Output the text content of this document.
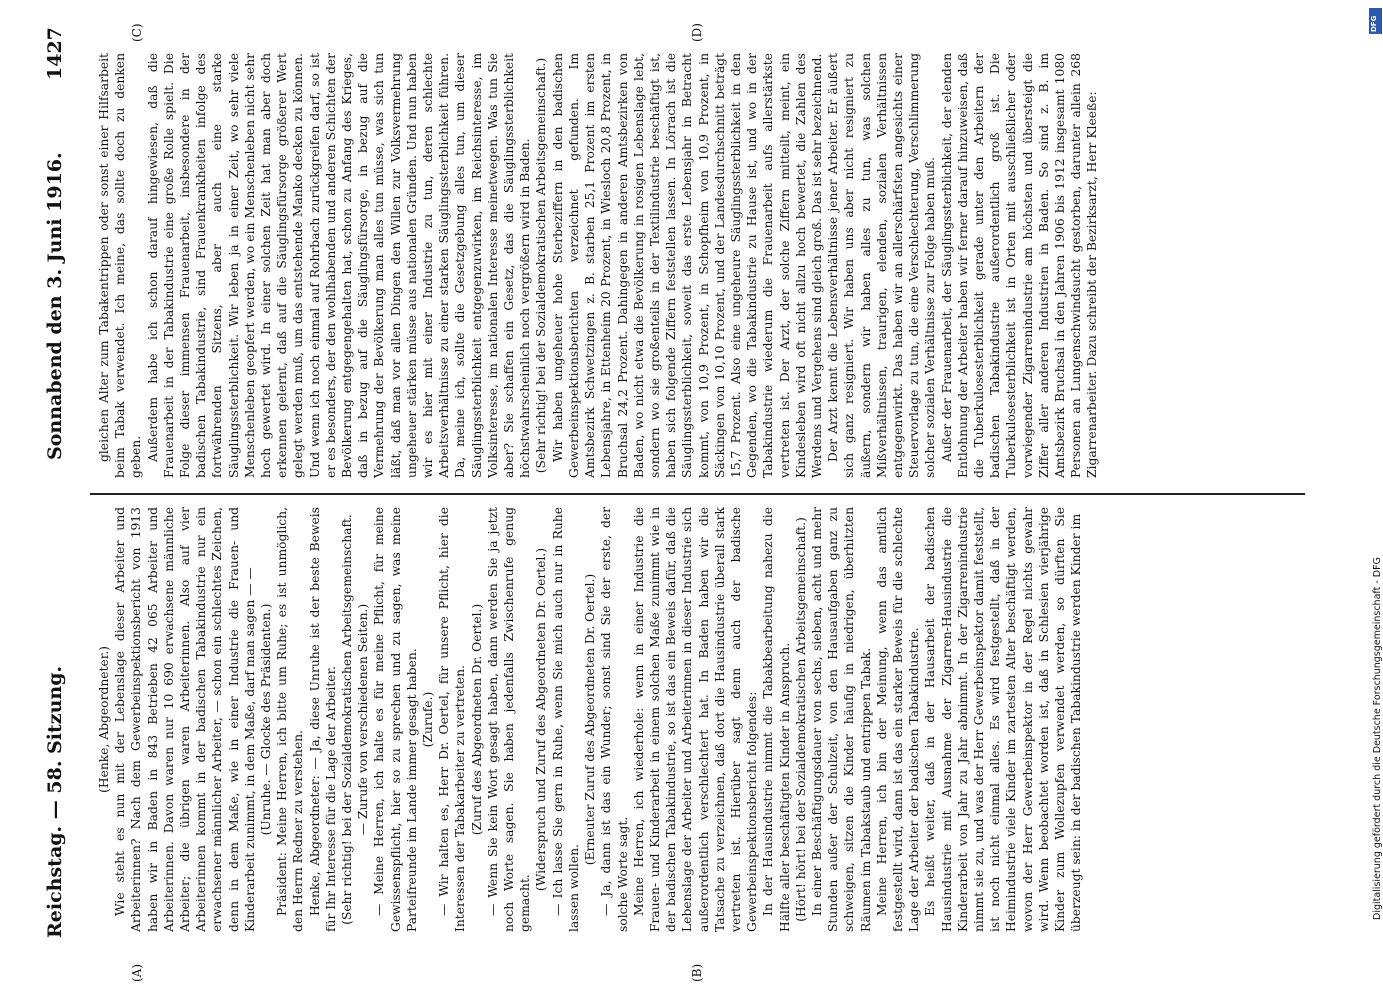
Reichstag. — 58. Sitzung.
Sonnabend den 3. Juni 1916.
1427
(A)	(B)
(C)	(D)

(Henke, Abgeordneter.) Wie steht es nun mit der Lebenslage dieser Arbeiter und Arbeiterinnen? Nach dem Gewerbeinspektionsbericht von 1913 haben wir in Baden in 843 Betrieben 42 065 Arbeiter und Arbeiterinnen. Davon waren nur 10 690 erwachsene männliche Arbeiter; die übrigen waren Arbeiterinnen. Also auf vier Arbeiterinnen kommt in der badischen Tabakindustrie nur ein erwachsener männlicher Arbeiter, — schon ein schlechtes Zeichen, denn in dem Maße, wie in einer Industrie die Frauen- und Kinderarbeit zunimmt, in dem Maße, darf man sagen — — (Unruhe. — Glocke des Präsidenten.) Präsident: Meine Herren, ich bitte um Ruhe; es ist unmöglich, den Herrn Redner zu verstehen. Henke, Abgeordneter: — Ja, diese Unruhe ist der beste Beweis für Ihr Interesse für die Lage der Arbeiter. (Sehr richtig! bei der Sozialdemokratischen Arbeitsgemeinschaft. — Zurufe von verschiedenen Seiten.) — Meine Herren, ich halte es für meine Pflicht, für meine Gewissenspflicht, hier so zu sprechen und zu sagen, was meine Parteifreunde im Lande immer gesagt haben. (Zurufe.) — Wir halten es, Herr Dr. Oertel, für unsere Pflicht, hier die Interessen der Tabakarbeiter zu vertreten. (Zuruf des Abgeordneten Dr. Oertel.) — Wenn Sie kein Wort gesagt haben, dann werden Sie ja jetzt noch Worte sagen. Sie haben jedenfalls Zwischenrufe genug gemacht.

(Widerspruch und Zuruf des Abgeordneten Dr. Oertel.) — Ich lasse Sie gern in Ruhe, wenn Sie mich auch nur in Ruhe lassen wollen.

(Erneuter Zuruf des Abgeordneten Dr. Oertel.) — Ja, dann ist das ein Wunder; sonst sind Sie der erste, der solche Worte sagt. Meine Herren, ich wiederhole: wenn in einer Industrie die Frauen- und Kinderarbeit in einem solchen Maße zunimmt wie in der badischen Tabakindustrie, so ist das ein Beweis dafür, daß die Lebenslage der Arbeiter und Arbeiterinnen in dieser Industrie sich außerordentlich verschlechtert hat. In Baden haben wir die Tatsache zu verzeichnen, daß dort die Hausindustrie überall stark vertreten ist. Hierüber sagt denn auch der badische Gewerbeinspektionsbericht folgendes: In der Hausindustrie nimmt die Tabakbearbeitung nahezu die Hälfte aller beschäftigten Kinder in Anspruch. (Hört! hört! bei der Sozialdemokratischen Arbeitsgemeinschaft.) In einer Beschäftigungsdauer von sechs, sieben, acht und mehr Stunden außer der Schulzeit, von den Hausaufgaben ganz zu schweigen, sitzen die Kinder häufig in niedrigen, überhitzten Räumen im Tabakstaub und entrippen Tabak. Meine Herren, ich bin der Meinung, wenn das amtlich festgestellt wird, dann ist das ein starker Beweis für die schlechte Lage der Arbeiter der badischen Tabakindustrie. Es heißt weiter, daß in der Hausarbeit der badischen Hausindustrie mit Ausnahme der Zigarren-Hausindustrie die Kinderarbeit von Jahr zu Jahr abnimmt. In der Zigarrenindustrie nimmt sie zu, und was der Herr Gewerbeinspektor damit feststellt, ist noch nicht einmal alles. Es wird festgestellt, daß in der Heimindustrie viele Kinder im zartesten Alter beschäftigt werden, wovon der Herr Gewerbeinspektor in der Regel nichts gewahr wird. Wenn beobachtet worden ist, daß in Schlesien vierjährige Kinder zum Wollezupfen verwendet werden, so dürften Sie überzeugt sein: in der badischen Tabakindustrie werden Kinder im

gleichen Alter zum Tabakentrippen oder sonst einer Hilfsarbeit beim Tabak verwendet. Ich meine, das sollte doch zu denken geben. Außerdem habe ich schon darauf hingewiesen, daß die Frauenarbeit in der Tabakindustrie eine große Rolle spielt. Die Folge dieser immensen Frauenarbeit, insbesondere in der badischen Tabakindustrie, sind Frauenkrankheiten infolge des fortwährenden Sitzens, aber auch eine starke Säuglingssterblichkeit. Wir leben ja in einer Zeit, wo sehr viele Menschenleben geopfert werden, wo ein Menschenleben nicht sehr hoch gewertet wird. In einer solchen Zeit hat man aber doch erkennen gelernt, daß auf die Säuglingsfürsorge größerer Wert gelegt werden muß, um das entstehende Manko decken zu können. Und wenn ich noch einmal auf Rohrbach zurückgreifen darf, so ist er es besonders, der den wohlhabenden und anderen Schichten der Bevölkerung entgegengehalten hat, schon zu Anfang des Krieges, daß in bezug auf die Säuglingsfürsorge, in bezug auf die Vermehrung der Bevölkerung man alles tun müsse, was sich tun läßt, daß man vor allen Dingen den Willen zur Volksvermehrung ungeheuer stärken müsse aus nationalen Gründen. Und nun haben wir es hier mit einer Industrie zu tun, deren schlechte Arbeitsverhältnisse zu einer starken Säuglingssterblichkeit führen. Da, meine ich, sollte die Gesetzgebung alles tun, um dieser Säuglingssterblichkeit entgegenzuwirken, im Reichsinteresse, im Volksinteresse, im nationalen Interesse meinetwegen. Was tun Sie aber? Sie schaffen ein Gesetz, das die Säuglingssterblichkeit höchstwahrscheinlich noch vergrößern wird in Baden. (Sehr richtig! bei der Sozialdemokratischen Arbeitsgemeinschaft.) Wir haben ungeheuer hohe Sterbeziffern in den badischen Gewerbeinspektionsberichten verzeichnet gefunden. Im Amtsbezirk Schwetzingen z. B. starben 25,1 Prozent im ersten Lebensjahre, in Ettenheim 20 Prozent, in Wiesloch 20,8 Prozent, in Bruchsal 24,2 Prozent. Dahingegen in anderen Amtsbezirken von Baden, wo nicht etwa die Bevölkerung in rosigen Lebenslage lebt, sondern wo sie großenteils in der Textilindustrie beschäftigt ist, haben sich folgende Ziffern feststellen lassen. In Lörrach ist die Säuglingssterblichkeit, soweit das erste Lebensjahr in Betracht kommt, von 10,9 Prozent, in Schopfheim von 10,9 Prozent, in Säckingen von 10,10 Prozent, und der Landesdurchschnitt beträgt 15,7 Prozent. Also eine ungeheure Säuglingssterblichkeit in den Gegenden, wo die Tabakindustrie zu Hause ist, und wo in der Tabakindustrie wiederum die Frauenarbeit aufs allerstärkste vertreten ist. Der Arzt, der solche Ziffern mitteilt, meint, ein Kindesleben wird oft nicht allzu hoch bewertet, die Zahlen des Werdens und Vergehens sind gleich groß. Das ist sehr bezeichnend. Der Arzt kennt die Lebensverhältnisse jener Arbeiter. Er äußert sich ganz resigniert. Wir haben uns aber nicht resigniert zu äußern, sondern wir haben alles zu tun, was solchen Mißverhältnissen, traurigen, elenden, sozialen Verhältnissen entgegenwirkt. Das haben wir an allerschärfsten angesichts einer Steuervorlage zu tun, die eine Verschlechterung, Verschlimmerung solcher sozialen Verhältnisse zur Folge haben muß. Außer der Frauenarbeit, der Säuglingssterblichkeit, der elenden Entlohnung der Arbeiter haben wir ferner darauf hinzuweisen, daß die Tuberkulosesterblichkeit gerade unter den Arbeitern der badischen Tabakindustrie außerordentlich groß ist. Die Tuberkulosesterblichkeit ist in Orten mit ausschließlicher oder vorwiegender Zigarrenindustrie am höchsten und übersteigt die Ziffer aller anderen Industrien in Baden. So sind z. B. im Amtsbezirk Bruchsal in den Jahren 1906 bis 1912 insgesamt 1080 Personen an Lungenschwindsucht gestorben, darunter allein 268 Zigarrenarbeiter. Dazu schreibt der Bezirksarzt, Herr Kleeße:

DFG
Digitalisierung gefördert durch die Deutsche Forschungsgemeinschaft - DFG
